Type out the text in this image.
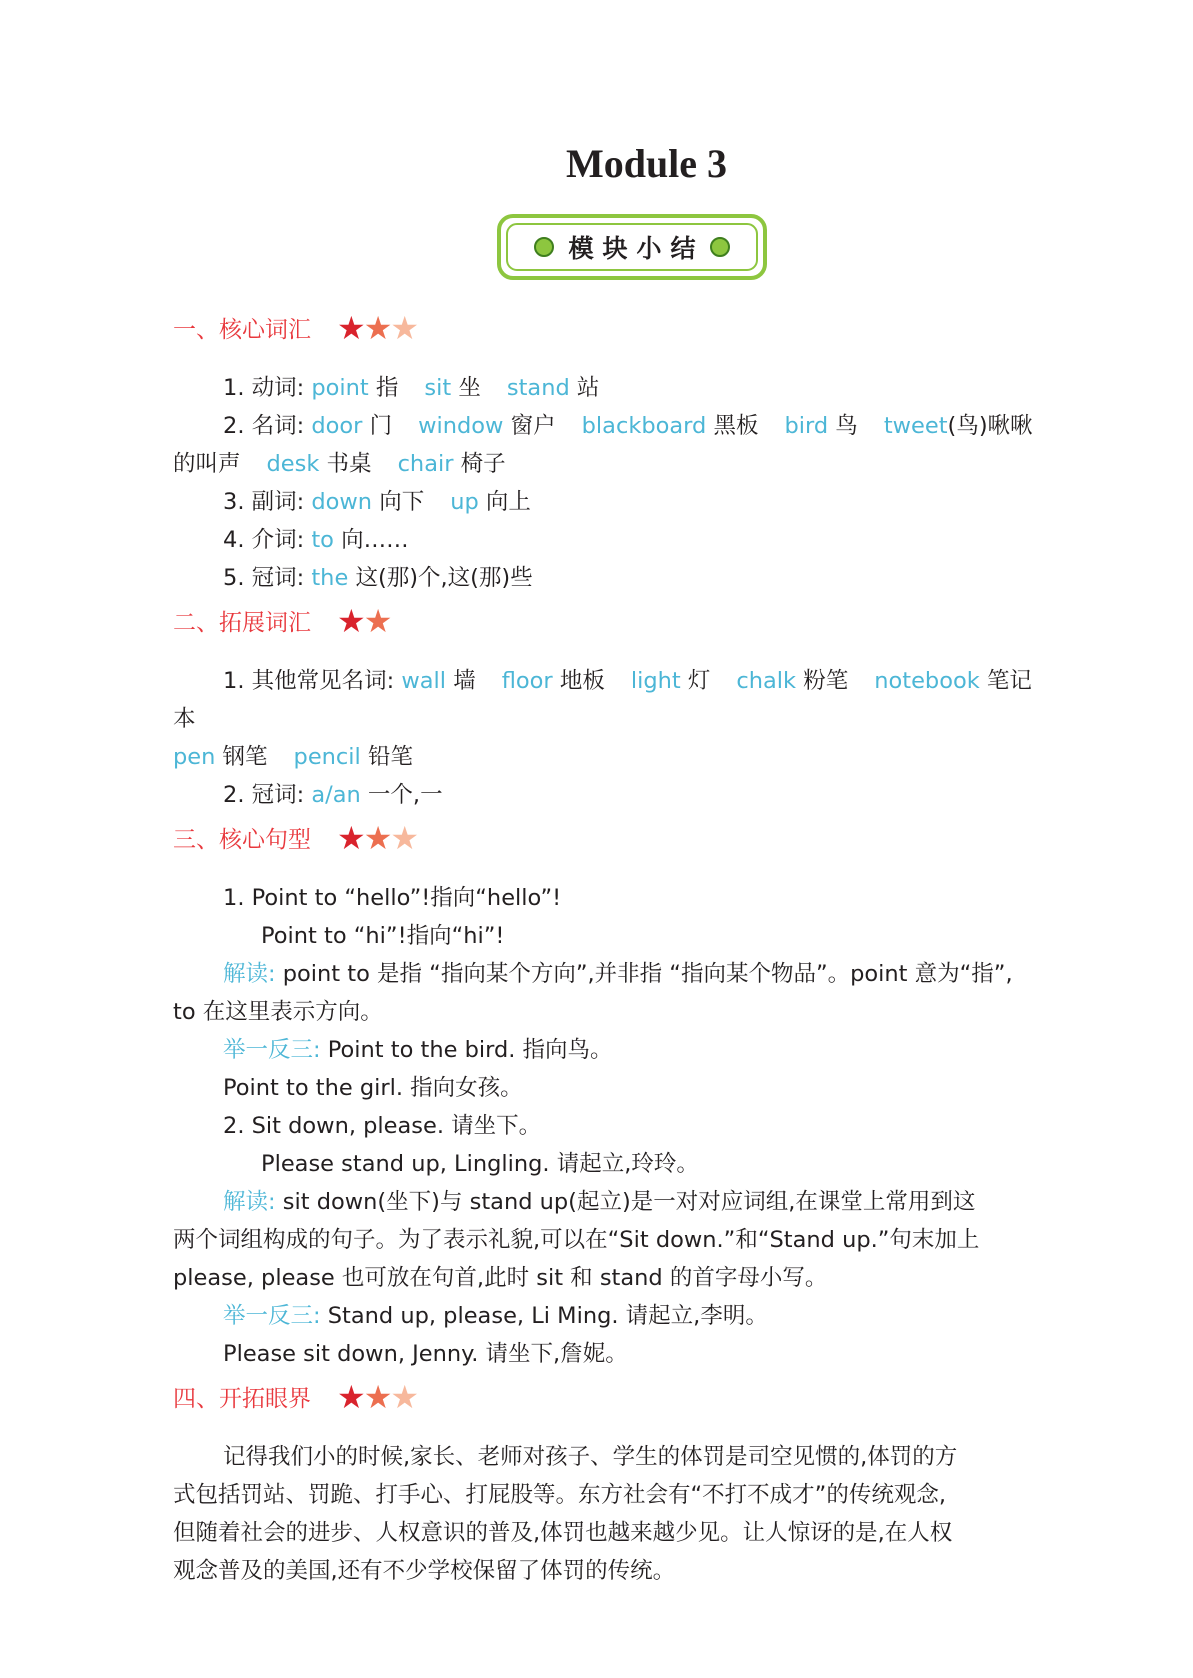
Module 3
模块小结
一、核心词汇 ★
★
★
1. 动词: point 指 sit 坐 stand 站
2. 名词: door 门 window 窗户 blackboard 黑板 bird 鸟 tweet(鸟)啾啾
的叫声 desk 书桌 chair 椅子
3. 副词: down 向下 up 向上
4. 介词: to 向……
5. 冠词: the 这(那)个,这(那)些
二、拓展词汇 ★
★
1. 其他常见名词: wall 墙 floor 地板 light 灯 chalk 粉笔 notebook 笔记
本
pen 钢笔 pencil 铅笔
2. 冠词: a/an 一个,一
三、核心句型 ★
★
★
1. Point to “hello”!指向“hello”!
Point to “hi”!指向“hi”!
解读: point to 是指 “指向某个方向”,并非指 “指向某个物品”。point 意为“指”,
to 在这里表示方向。
举一反三: Point to the bird. 指向鸟。
Point to the girl. 指向女孩。
2. Sit down, please. 请坐下。
Please stand up, Lingling. 请起立,玲玲。
解读: sit down(坐下)与 stand up(起立)是一对对应词组,在课堂上常用到这
两个词组构成的句子。为了表示礼貌,可以在“Sit down.”和“Stand up.”句末加上
please, please 也可放在句首,此时 sit 和 stand 的首字母小写。
举一反三: Stand up, please, Li Ming. 请起立,李明。
Please sit down, Jenny. 请坐下,詹妮。
四、开拓眼界 ★
★
★
记得我们小的时候,家长、老师对孩子、学生的体罚是司空见惯的,体罚的方
式包括罚站、罚跪、打手心、打屁股等。东方社会有“不打不成才”的传统观念,
但随着社会的进步、人权意识的普及,体罚也越来越少见。让人惊讶的是,在人权
观念普及的美国,还有不少学校保留了体罚的传统。
